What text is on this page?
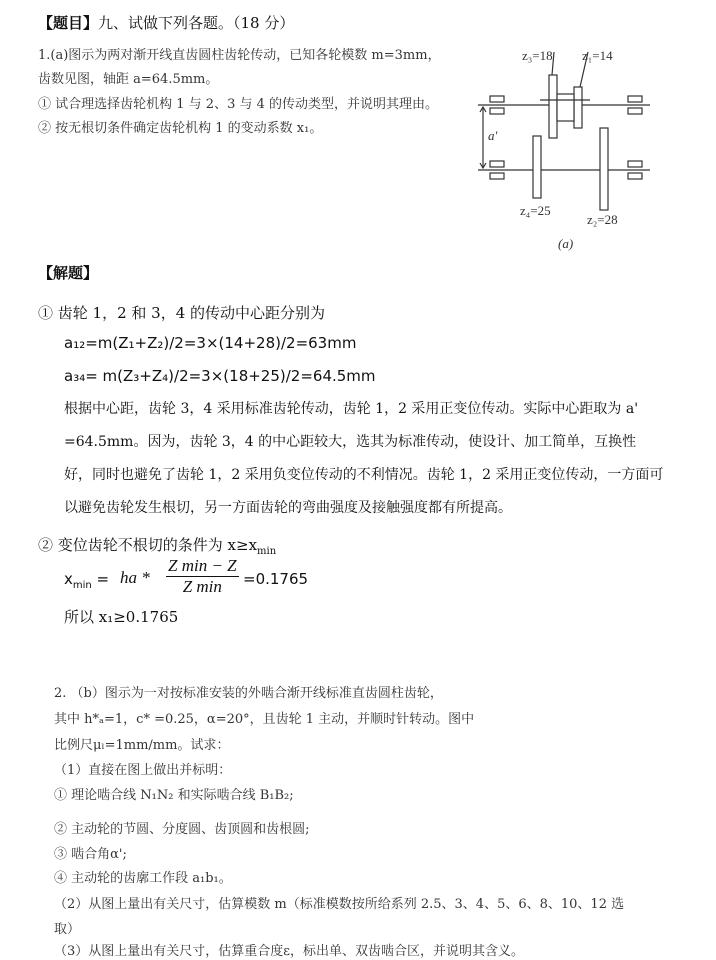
【题目】九、试做下列各题。（18 分）
1.(a)图示为两对渐开线直齿圆柱齿轮传动，已知各轮模数 m=3mm，
齿数见图，轴距 a=64.5mm。
① 试合理选择齿轮机构 1 与 2、3 与 4 的传动类型，并说明其理由。
② 按无根切条件确定齿轮机构 1 的变动系数 x₁。
z₃=18 z₁=14
z₄=25
z₂=28
a'
(a)
【解题】
① 齿轮 1，2 和 3，4 的传动中心距分别为
a₁₂=m(Z₁+Z₂)/2=3×(14+28)/2=63mm
a₃₄= m(Z₃+Z₄)/2=3×(18+25)/2=64.5mm
根据中心距，齿轮 3，4 采用标准齿轮传动，齿轮 1，2 采用正变位传动。实际中心距取为 a'
=64.5mm。因为，齿轮 3，4 的中心距较大，选其为标准传动，使设计、加工简单，互换性
好，同时也避免了齿轮 1，2 采用负变位传动的不利情况。齿轮 1，2 采用正变位传动，一方面可
以避免齿轮发生根切，另一方面齿轮的弯曲强度及接触强度都有所提高。
② 变位齿轮不根切的条件为 $x\ge x_{min}$
$x_{min}$ = ha *
Z min − Z
Z min	=0.1765
所以 x₁≥0.1765
2. （b）图示为一对按标准安装的外啮合渐开线标准直齿圆柱齿轮，
其中 h*ₐ=1，c* =0.25，α=20°，且齿轮 1 主动，并顺时针转动。图中
比例尺μₗ=1mm/mm。试求：
（1）直接在图上做出并标明：
① 理论啮合线 N₁N₂ 和实际啮合线 B₁B₂;
② 主动轮的节圆、分度圆、齿顶圆和齿根圆;
③ 啮合角α';
④ 主动轮的齿廓工作段 a₁b₁。
（2）从图上量出有关尺寸，估算模数 m（标准模数按所给系列 2.5、3、4、5、6、8、10、12 选
取）
（3）从图上量出有关尺寸，估算重合度ε，标出单、双齿啮合区，并说明其含义。
